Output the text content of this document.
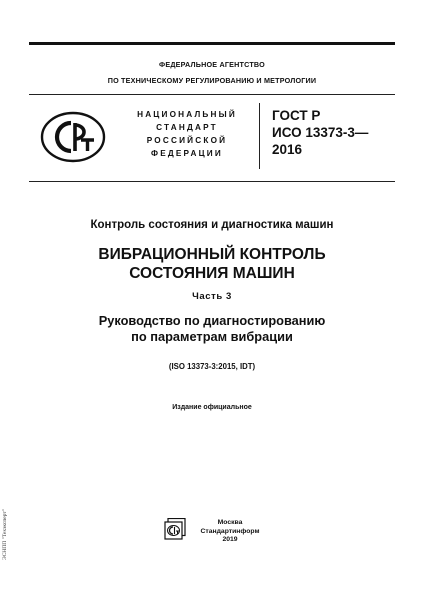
ФЕДЕРАЛЬНОЕ АГЕНТСТВО
ПО ТЕХНИЧЕСКОМУ РЕГУЛИРОВАНИЮ И МЕТРОЛОГИИ
НАЦИОНАЛЬНЫЙ
СТАНДАРТ
РОССИЙСКОЙ
ФЕДЕРАЦИИ
ГОСТ Р
ИСО 13373-3—
2016
Контроль состояния и диагностика машин
ВИБРАЦИОННЫЙ КОНТРОЛЬ
СОСТОЯНИЯ МАШИН
Часть 3
Руководство по диагностированию
по параметрам вибрации
(ISO 13373-3:2015, IDT)
Издание официальное
Москва
Стандартинформ
2019
ЭСНПП "Техэксперт"
